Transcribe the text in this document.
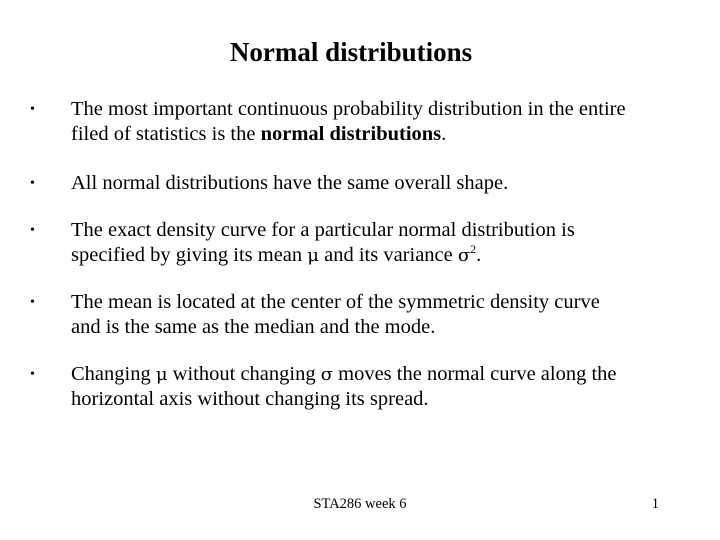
Normal distributions
•	The most important continuous probability distribution in the entire
filed of statistics is the normal distributions.
•	All normal distributions have the same overall shape.
•	The exact density curve for a particular normal distribution is
specified by giving its mean μ and its variance $\sigma^2$.
•	The mean is located at the center of the symmetric density curve
and is the same as the median and the mode.
•	Changing μ without changing σ moves the normal curve along the
horizontal axis without changing its spread.
STA286 week 6	1
